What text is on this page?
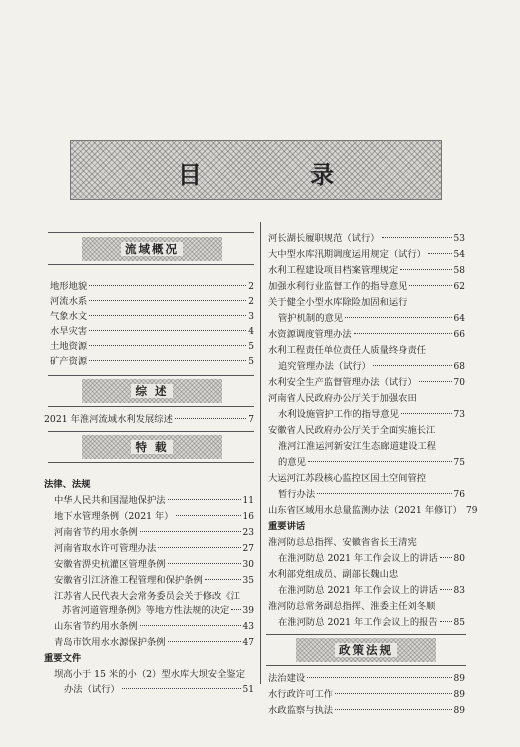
目 录
流域概况
地形地貌	2
河流水系	2
气象水文	3
水旱灾害	4
土地资源	5
矿产资源	5
综 述
2021 年淮河流域水利发展综述	7
特 载
法律、法规
中华人民共和国湿地保护法	11
地下水管理条例（2021 年）	16
河南省节约用水条例	23
河南省取水许可管理办法	27
安徽省淠史杭灌区管理条例	30
安徽省引江济淮工程管理和保护条例	35
江苏省人民代表大会常务委员会关于修改《江
苏省河道管理条例》等地方性法规的决定 39
山东省节约用水条例	43
青岛市饮用水水源保护条例	47
重要文件
坝高小于 15 米的小（2）型水库大坝安全鉴定
办法（试行）	51
河长湖长履职规范（试行）	53
大中型水库汛期调度运用规定（试行）	54
水利工程建设项目档案管理规定	58
加强水利行业监督工作的指导意见	62
关于健全小型水库除险加固和运行
管护机制的意见	64
水资源调度管理办法	66
水利工程责任单位责任人质量终身责任
追究管理办法（试行）	68
水利安全生产监督管理办法（试行）	70
河南省人民政府办公厅关于加强农田
水利设施管护工作的指导意见	73
安徽省人民政府办公厅关于全面实施长江
淮河江淮运河新安江生态廊道建设工程
的意见	75
大运河江苏段核心监控区国土空间管控
暂行办法	76
山东省区域用水总量监测办法（2021 年修订） 79
重要讲话
淮河防总总指挥、安徽省省长王清宪
在淮河防总 2021 年工作会议上的讲话 80
水利部党组成员、副部长魏山忠
在淮河防总 2021 年工作会议上的讲话 83
淮河防总常务副总指挥、淮委主任刘冬顺
在淮河防总 2021 年工作会议上的报告 85
政策法规
法治建设	89
水行政许可工作	89
水政监察与执法	89
